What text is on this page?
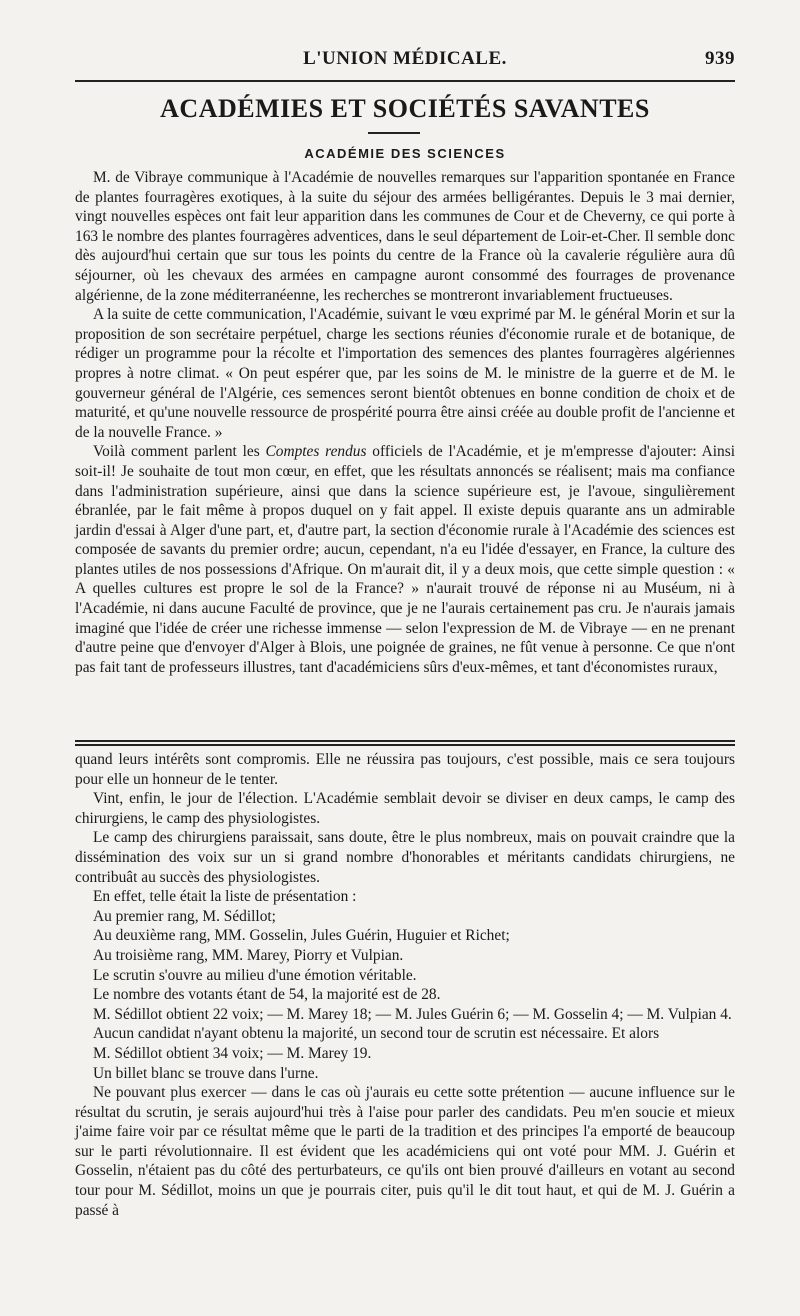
L'UNION MÉDICALE.	939
ACADÉMIES ET SOCIÉTÉS SAVANTES
ACADÉMIE DES SCIENCES

M. de Vibraye communique à l'Académie de nouvelles remarques sur l'apparition spontanée en France de plantes fourragères exotiques, à la suite du séjour des armées belligérantes. Depuis le 3 mai dernier, vingt nouvelles espèces ont fait leur apparition dans les communes de Cour et de Cheverny, ce qui porte à 163 le nombre des plantes fourragères adventices, dans le seul département de Loir-et-Cher. Il semble donc dès aujourd'hui certain que sur tous les points du centre de la France où la cavalerie régulière aura dû séjourner, où les chevaux des armées en campagne auront consommé des fourrages de provenance algérienne, de la zone méditerranéenne, les recherches se montreront invariablement fructueuses.

A la suite de cette communication, l'Académie, suivant le vœu exprimé par M. le général Morin et sur la proposition de son secrétaire perpétuel, charge les sections réunies d'économie rurale et de botanique, de rédiger un programme pour la récolte et l'importation des semences des plantes fourragères algériennes propres à notre climat. « On peut espérer que, par les soins de M. le ministre de la guerre et de M. le gouverneur général de l'Algérie, ces semences seront bientôt obtenues en bonne condition de choix et de maturité, et qu'une nouvelle ressource de prospérité pourra être ainsi créée au double profit de l'ancienne et de la nouvelle France. »

Voilà comment parlent les Comptes rendus officiels de l'Académie, et je m'empresse d'ajouter: Ainsi soit-il! Je souhaite de tout mon cœur, en effet, que les résultats annoncés se réalisent; mais ma confiance dans l'administration supérieure, ainsi que dans la science supérieure est, je l'avoue, singulièrement ébranlée, par le fait même à propos duquel on y fait appel. Il existe depuis quarante ans un admirable jardin d'essai à Alger d'une part, et, d'autre part, la section d'économie rurale à l'Académie des sciences est composée de savants du premier ordre; aucun, cependant, n'a eu l'idée d'essayer, en France, la culture des plantes utiles de nos possessions d'Afrique. On m'aurait dit, il y a deux mois, que cette simple question : « A quelles cultures est propre le sol de la France? » n'aurait trouvé de réponse ni au Muséum, ni à l'Académie, ni dans aucune Faculté de province, que je ne l'aurais certainement pas cru. Je n'aurais jamais imaginé que l'idée de créer une richesse immense — selon l'expression de M. de Vibraye — en ne prenant d'autre peine que d'envoyer d'Alger à Blois, une poignée de graines, ne fût venue à personne. Ce que n'ont pas fait tant de professeurs illustres, tant d'académiciens sûrs d'eux-mêmes, et tant d'économistes ruraux,

quand leurs intérêts sont compromis. Elle ne réussira pas toujours, c'est possible, mais ce sera toujours pour elle un honneur de le tenter.

Vint, enfin, le jour de l'élection. L'Académie semblait devoir se diviser en deux camps, le camp des chirurgiens, le camp des physiologistes.

Le camp des chirurgiens paraissait, sans doute, être le plus nombreux, mais on pouvait craindre que la dissémination des voix sur un si grand nombre d'honorables et méritants candidats chirurgiens, ne contribuât au succès des physiologistes.

En effet, telle était la liste de présentation :

Au premier rang, M. Sédillot;

Au deuxième rang, MM. Gosselin, Jules Guérin, Huguier et Richet;

Au troisième rang, MM. Marey, Piorry et Vulpian.

Le scrutin s'ouvre au milieu d'une émotion véritable.

Le nombre des votants étant de 54, la majorité est de 28.

M. Sédillot obtient 22 voix; — M. Marey 18; — M. Jules Guérin 6; — M. Gosselin 4; — M. Vulpian 4.

Aucun candidat n'ayant obtenu la majorité, un second tour de scrutin est nécessaire. Et alors

M. Sédillot obtient 34 voix; — M. Marey 19.

Un billet blanc se trouve dans l'urne.

Ne pouvant plus exercer — dans le cas où j'aurais eu cette sotte prétention — aucune influence sur le résultat du scrutin, je serais aujourd'hui très à l'aise pour parler des candidats. Peu m'en soucie et mieux j'aime faire voir par ce résultat même que le parti de la tradition et des principes l'a emporté de beaucoup sur le parti révolutionnaire. Il est évident que les académiciens qui ont voté pour MM. J. Guérin et Gosselin, n'étaient pas du côté des perturbateurs, ce qu'ils ont bien prouvé d'ailleurs en votant au second tour pour M. Sédillot, moins un que je pourrais citer, puis qu'il le dit tout haut, et qui de M. J. Guérin a passé à
